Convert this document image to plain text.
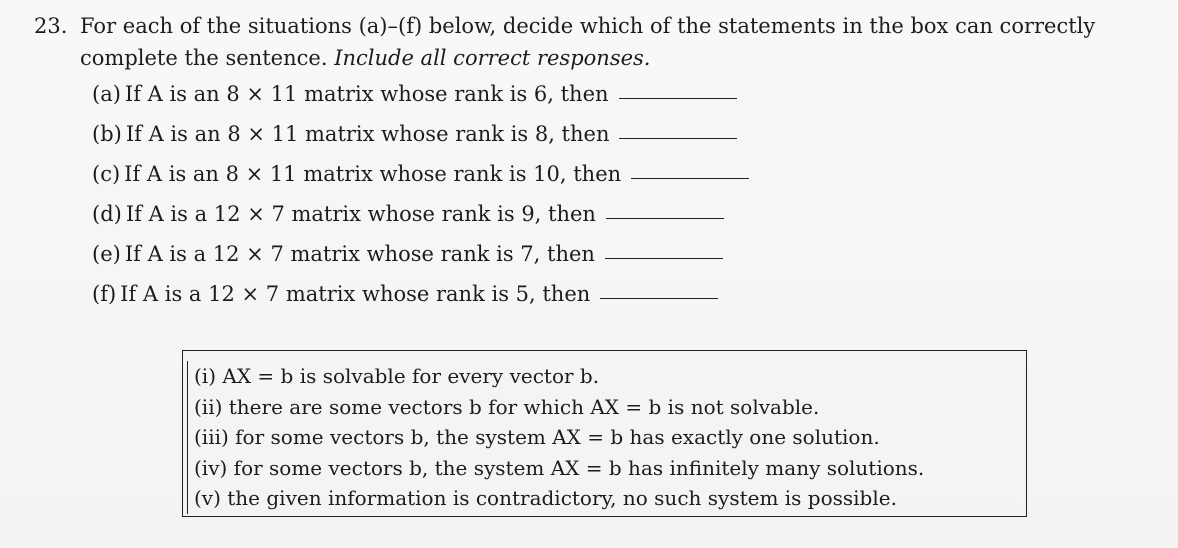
23. For each of the situations (a)–(f) below, decide which of the statements in the box can correctly
complete the sentence. Include all correct responses.
(a) If A is an 8 × 11 matrix whose rank is 6, then
(b) If A is an 8 × 11 matrix whose rank is 8, then
(c) If A is an 8 × 11 matrix whose rank is 10, then
(d) If A is a 12 × 7 matrix whose rank is 9, then
(e) If A is a 12 × 7 matrix whose rank is 7, then
(f) If A is a 12 × 7 matrix whose rank is 5, then
(i) AX = b is solvable for every vector b.
(ii) there are some vectors b for which AX = b is not solvable.
(iii) for some vectors b, the system AX = b has exactly one solution.
(iv) for some vectors b, the system AX = b has infinitely many solutions.
(v) the given information is contradictory, no such system is possible.
